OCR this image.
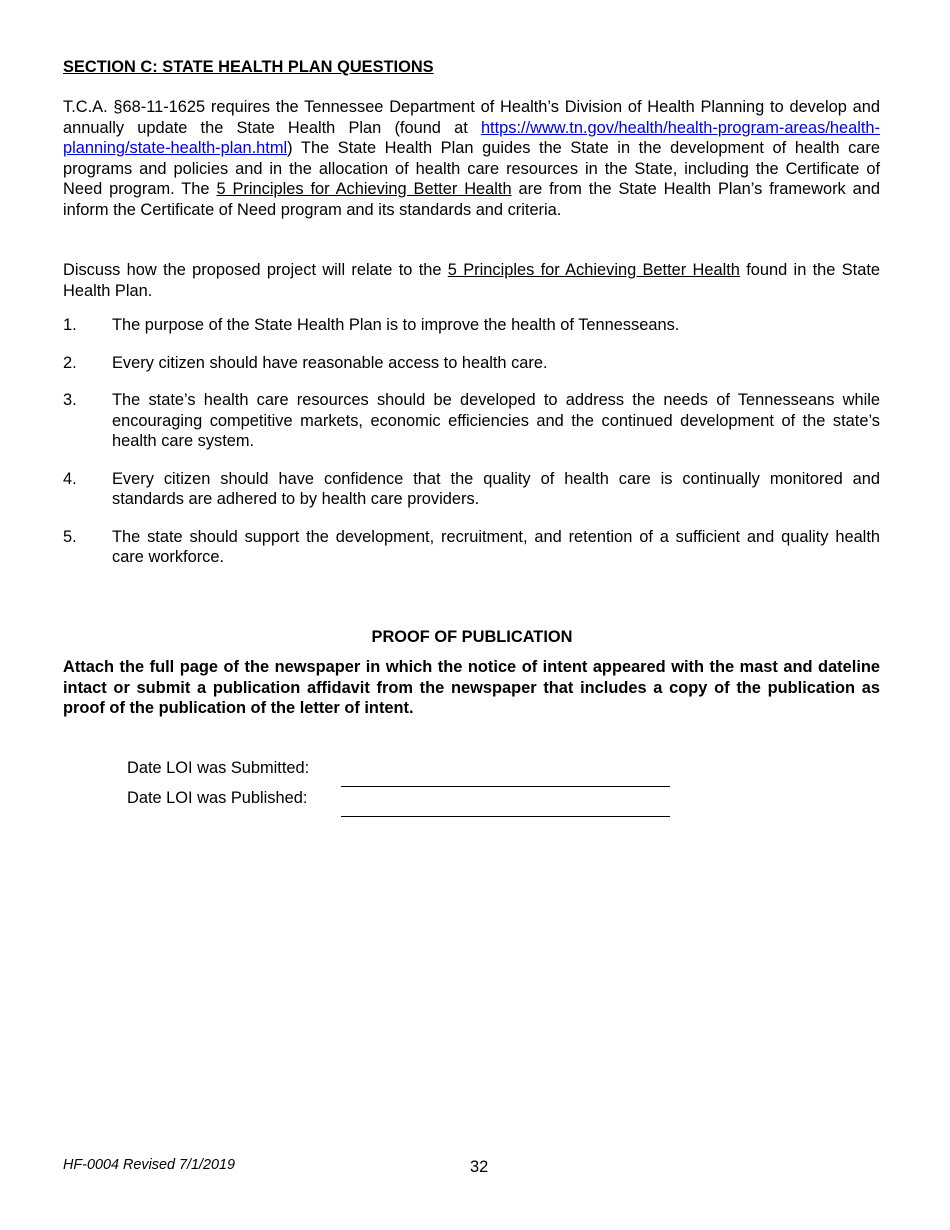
SECTION C: STATE HEALTH PLAN QUESTIONS

T.C.A. §68-11-1625 requires the Tennessee Department of Health’s Division of Health Planning to develop and annually update the State Health Plan (found at https://www.tn.gov/health/health-program-areas/health-planning/state-health-plan.html) The State Health Plan guides the State in the development of health care programs and policies and in the allocation of health care resources in the State, including the Certificate of Need program. The 5 Principles for Achieving Better Health are from the State Health Plan’s framework and inform the Certificate of Need program and its standards and criteria.

Discuss how the proposed project will relate to the 5 Principles for Achieving Better Health found in the State Health Plan.

1. The purpose of the State Health Plan is to improve the health of Tennesseans.
2. Every citizen should have reasonable access to health care.
3. The state’s health care resources should be developed to address the needs of Tennesseans while encouraging competitive markets, economic efficiencies and the continued development of the state’s health care system.
4. Every citizen should have confidence that the quality of health care is continually monitored and standards are adhered to by health care providers.
5. The state should support the development, recruitment, and retention of a sufficient and quality health care workforce.

PROOF OF PUBLICATION

Attach the full page of the newspaper in which the notice of intent appeared with the mast and dateline intact or submit a publication affidavit from the newspaper that includes a copy of the publication as proof of the publication of the letter of intent.

Date LOI was Submitted:
Date LOI was Published:
HF-0004 Revised 7/1/2019	32
